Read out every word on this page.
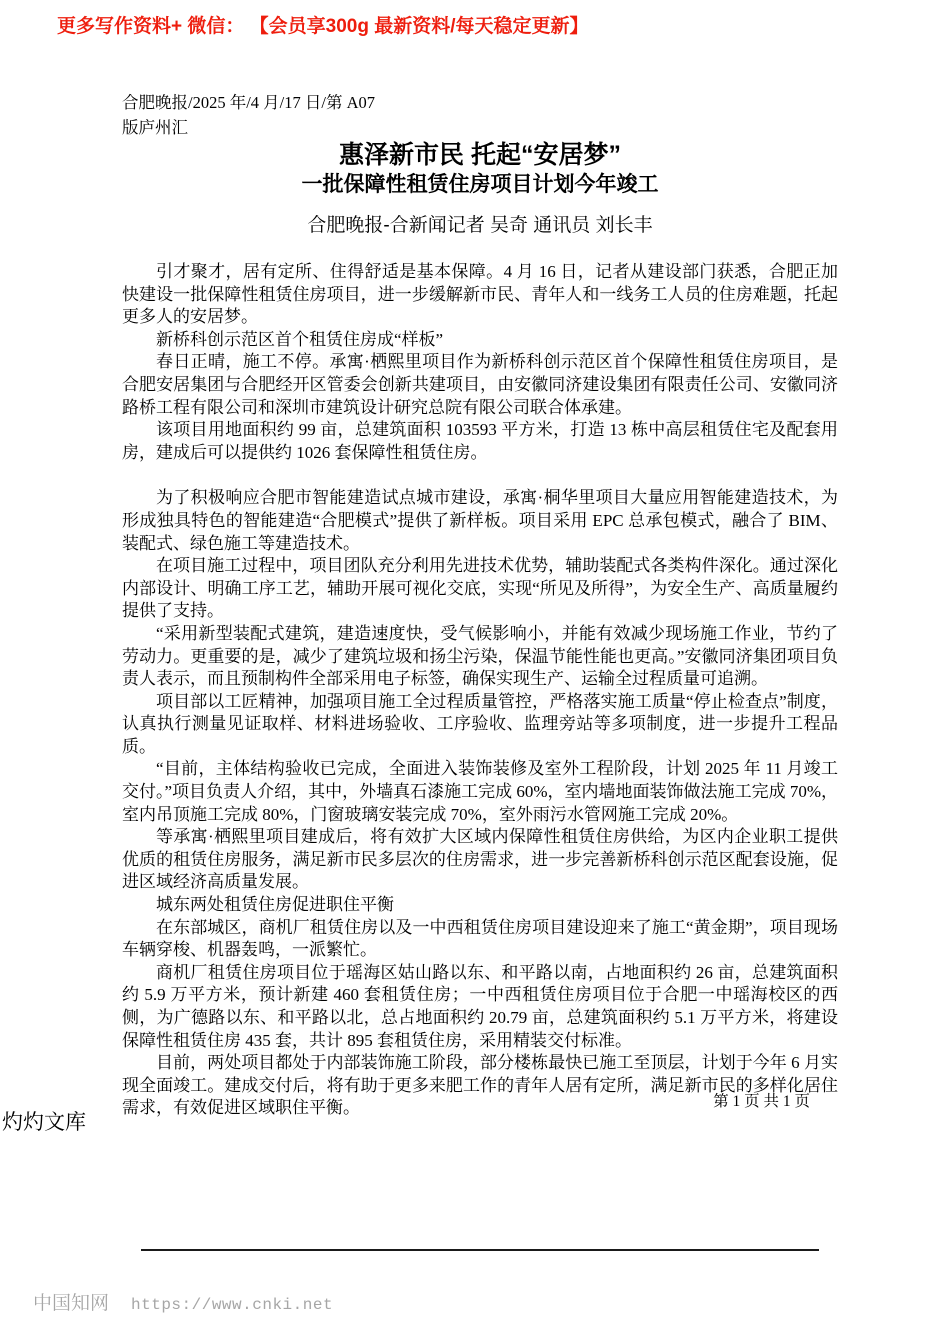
更多写作资料+ 微信： 【会员享300g 最新资料/每天稳定更新】
合肥晚报/2025 年/4 月/17 日/第 A07
版庐州汇
惠泽新市民 托起“安居梦”
一批保障性租赁住房项目计划今年竣工
合肥晚报-合新闻记者 吴奇 通讯员 刘长丰

引才聚才，居有定所、住得舒适是基本保障。4 月 16 日，记者从建设部门获悉，合肥正加快建设一批保障性租赁住房项目，进一步缓解新市民、青年人和一线务工人员的住房难题，托起更多人的安居梦。

新桥科创示范区首个租赁住房成“样板”

春日正晴，施工不停。承寓·栖熙里项目作为新桥科创示范区首个保障性租赁住房项目，是合肥安居集团与合肥经开区管委会创新共建项目，由安徽同济建设集团有限责任公司、安徽同济路桥工程有限公司和深圳市建筑设计研究总院有限公司联合体承建。

该项目用地面积约 99 亩，总建筑面积 103593 平方米，打造 13 栋中高层租赁住宅及配套用房，建成后可以提供约 1026 套保障性租赁住房。

为了积极响应合肥市智能建造试点城市建设，承寓·桐华里项目大量应用智能建造技术，为形成独具特色的智能建造“合肥模式”提供了新样板。项目采用 EPC 总承包模式，融合了 BIM、装配式、绿色施工等建造技术。

在项目施工过程中，项目团队充分利用先进技术优势，辅助装配式各类构件深化。通过深化内部设计、明确工序工艺，辅助开展可视化交底，实现“所见及所得”，为安全生产、高质量履约提供了支持。

“采用新型装配式建筑，建造速度快，受气候影响小，并能有效减少现场施工作业，节约了劳动力。更重要的是，减少了建筑垃圾和扬尘污染，保温节能性能也更高。”安徽同济集团项目负责人表示，而且预制构件全部采用电子标签，确保实现生产、运输全过程质量可追溯。

项目部以工匠精神，加强项目施工全过程质量管控，严格落实施工质量“停止检查点”制度，认真执行测量见证取样、材料进场验收、工序验收、监理旁站等多项制度，进一步提升工程品质。

“目前，主体结构验收已完成，全面进入装饰装修及室外工程阶段，计划 2025 年 11 月竣工交付。”项目负责人介绍，其中，外墙真石漆施工完成 60%，室内墙地面装饰做法施工完成 70%，室内吊顶施工完成 80%，门窗玻璃安装完成 70%，室外雨污水管网施工完成 20%。

等承寓·栖熙里项目建成后，将有效扩大区域内保障性租赁住房供给，为区内企业职工提供优质的租赁住房服务，满足新市民多层次的住房需求，进一步完善新桥科创示范区配套设施，促进区域经济高质量发展。

城东两处租赁住房促进职住平衡

在东部城区，商机厂租赁住房以及一中西租赁住房项目建设迎来了施工“黄金期”，项目现场车辆穿梭、机器轰鸣，一派繁忙。

商机厂租赁住房项目位于瑶海区姑山路以东、和平路以南，占地面积约 26 亩，总建筑面积约 5.9 万平方米，预计新建 460 套租赁住房；一中西租赁住房项目位于合肥一中瑶海校区的西侧，为广德路以东、和平路以北，总占地面积约 20.79 亩，总建筑面积约 5.1 万平方米，将建设保障性租赁住房 435 套，共计 895 套租赁住房，采用精装交付标准。

目前，两处项目都处于内部装饰施工阶段，部分楼栋最快已施工至顶层，计划于今年 6 月实现全面竣工。建成交付后，将有助于更多来肥工作的青年人居有定所，满足新市民的多样化居住需求，有效促进区域职住平衡。	第 1 页 共 1 页
灼灼文库
中国知网 https://www.cnki.net
